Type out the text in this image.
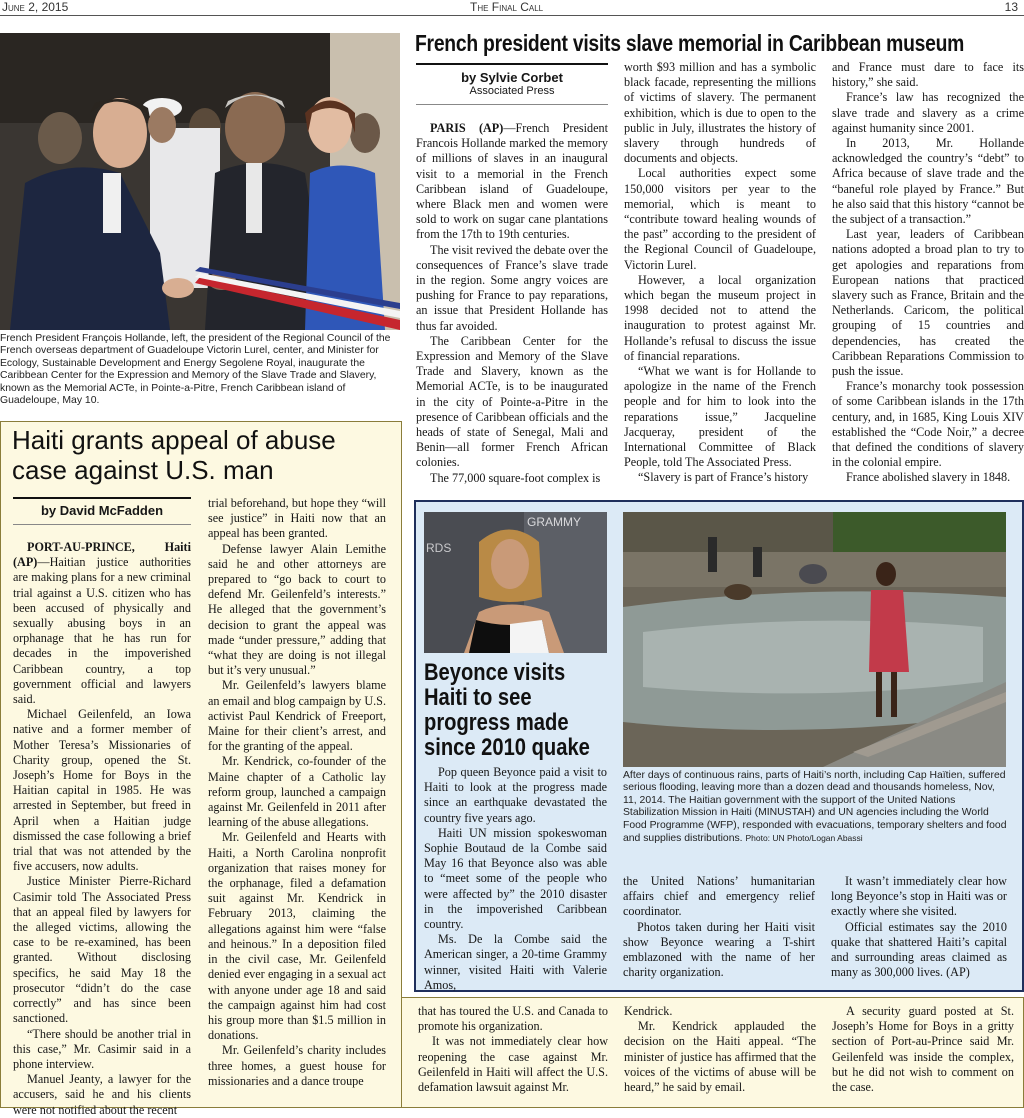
June 2, 2015	The Final Call	13
French President François Hollande, left, the president of the Regional Council of the French overseas department of Guadeloupe Victorin Lurel, center, and Minister for Ecology, Sustainable Development and Energy Segolene Royal, inaugurate the Caribbean Center for the Expression and Memory of the Slave Trade and Slavery, known as the Memorial ACTe, in Pointe-a-Pitre, French Caribbean island of Guadeloupe, May 10.
French president visits slave memorial in Caribbean museum
by Sylvie Corbet
Associated Press

PARIS (AP)—French President Francois Hollande marked the memory of millions of slaves in an inaugural visit to a memorial in the French Caribbean island of Guadeloupe, where Black men and women were sold to work on sugar cane plantations from the 17th to 19th centuries.

The visit revived the debate over the consequences of France’s slave trade in the region. Some angry voices are pushing for France to pay reparations, an issue that President Hollande has thus far avoided.

The Caribbean Center for the Expression and Memory of the Slave Trade and Slavery, known as the Memorial ACTe, is to be inaugurated in the city of Pointe-a-Pitre in the presence of Caribbean officials and the heads of state of Senegal, Mali and Benin—all former French African colonies.

The 77,000 square-foot complex is

worth $93 million and has a symbolic black facade, representing the millions of victims of slavery. The permanent exhibition, which is due to open to the public in July, illustrates the history of slavery through hundreds of documents and objects.

Local authorities expect some 150,000 visitors per year to the memorial, which is meant to “contribute toward healing wounds of the past” according to the president of the Regional Council of Guadeloupe, Victorin Lurel.

However, a local organization which began the museum project in 1998 decided not to attend the inauguration to protest against Mr. Hollande’s refusal to discuss the issue of financial reparations.

“What we want is for Hollande to apologize in the name of the French people and for him to look into the reparations issue,” Jacqueline Jacqueray, president of the International Committee of Black People, told The Associated Press.

“Slavery is part of France’s history

and France must dare to face its history,” she said.

France’s law has recognized the slave trade and slavery as a crime against humanity since 2001.

In 2013, Mr. Hollande acknowledged the country’s “debt” to Africa because of slave trade and the “baneful role played by France.” But he also said that this history “cannot be the subject of a transaction.”

Last year, leaders of Caribbean nations adopted a broad plan to try to get apologies and reparations from European nations that practiced slavery such as France, Britain and the Netherlands. Caricom, the political grouping of 15 countries and dependencies, has created the Caribbean Reparations Commission to push the issue.

France’s monarchy took possession of some Caribbean islands in the 17th century, and, in 1685, King Louis XIV established the “Code Noir,” a decree that defined the conditions of slavery in the colonial empire.

France abolished slavery in 1848.

Haiti grants appeal of abuse case against U.S. man
by David McFadden

PORT-AU-PRINCE, Haiti (AP)—Haitian justice authorities are making plans for a new criminal trial against a U.S. citizen who has been accused of physically and sexually abusing boys in an orphanage that he has run for decades in the impoverished Caribbean country, a top government official and lawyers said.

Michael Geilenfeld, an Iowa native and a former member of Mother Teresa’s Missionaries of Charity group, opened the St. Joseph’s Home for Boys in the Haitian capital in 1985. He was arrested in September, but freed in April when a Haitian judge dismissed the case following a brief trial that was not attended by the five accusers, now adults.

Justice Minister Pierre-Richard Casimir told The Associated Press that an appeal filed by lawyers for the alleged victims, allowing the case to be re-examined, has been granted. Without disclosing specifics, he said May 18 the prosecutor “didn’t do the case correctly” and has since been sanctioned.

“There should be another trial in this case,” Mr. Casimir said in a phone interview.

Manuel Jeanty, a lawyer for the accusers, said he and his clients were not notified about the recent

trial beforehand, but hope they “will see justice” in Haiti now that an appeal has been granted.

Defense lawyer Alain Lemithe said he and other attorneys are prepared to “go back to court to defend Mr. Geilenfeld’s interests.” He alleged that the government’s decision to grant the appeal was made “under pressure,” adding that “what they are doing is not illegal but it’s very unusual.”

Mr. Geilenfeld’s lawyers blame an email and blog campaign by U.S. activist Paul Kendrick of Freeport, Maine for their client’s arrest, and for the granting of the appeal.

Mr. Kendrick, co-founder of the Maine chapter of a Catholic lay reform group, launched a campaign against Mr. Geilenfeld in 2011 after learning of the abuse allegations.

Mr. Geilenfeld and Hearts with Haiti, a North Carolina nonprofit organization that raises money for the orphanage, filed a defamation suit against Mr. Kendrick in February 2013, claiming the allegations against him were “false and heinous.” In a deposition filed in the civil case, Mr. Geilenfeld denied ever engaging in a sexual act with anyone under age 18 and said the campaign against him had cost his group more than $1.5 million in donations.

Mr. Geilenfeld’s charity includes three homes, a guest house for missionaries and a dance troupe

that has toured the U.S. and Canada to promote his organization.

It was not immediately clear how reopening the case against Mr. Geilenfeld in Haiti will affect the U.S. defamation lawsuit against Mr.

Kendrick.

Mr. Kendrick applauded the decision on the Haiti appeal. “The minister of justice has affirmed that the voices of the victims of abuse will be heard,” he said by email.

A security guard posted at St. Joseph’s Home for Boys in a gritty section of Port-au-Prince said Mr. Geilenfeld was inside the complex, but he did not wish to comment on the case.

GRAMMY
RDS
Beyonce visits
Haiti to see
progress made
since 2010 quake

Pop queen Beyonce paid a visit to Haiti to look at the progress made since an earthquake devastated the country five years ago.

Haiti UN mission spokeswoman Sophie Boutaud de la Combe said May 16 that Beyonce also was able to “meet some of the people who were affected by” the 2010 disaster in the impoverished Caribbean country.

Ms. De la Combe said the American singer, a 20-time Grammy winner, visited Haiti with Valerie Amos,

After days of continuous rains, parts of Haiti’s north, including Cap Haïtien, suffered serious flooding, leaving more than a dozen dead and thousands homeless, Nov, 11, 2014. The Haitian government with the support of the United Nations Stabilization Mission in Haiti (MINUSTAH) and UN agencies including the World Food Programme (WFP), responded with evacuations, temporary shelters and food and supplies distributions. Photo: UN Photo/Logan Abassi

the United Nations’ humanitarian affairs chief and emergency relief coordinator.

Photos taken during her Haiti visit show Beyonce wearing a T-shirt emblazoned with the name of her charity organization.

It wasn’t immediately clear how long Beyonce’s stop in Haiti was or exactly where she visited.

Official estimates say the 2010 quake that shattered Haiti’s capital and surrounding areas claimed as many as 300,000 lives. (AP)
